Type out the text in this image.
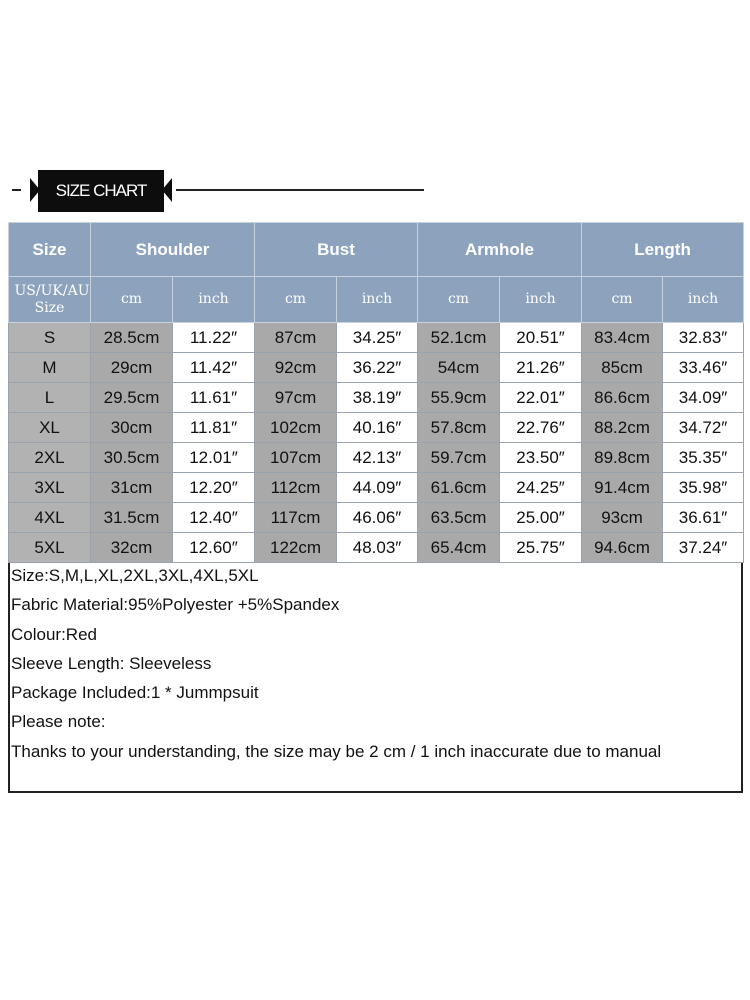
SIZE CHART
Size	Shoulder		Bust		Armhole		Length	

US/UK/AU Size	cm	inch	cm	inch	cm	inch	cm	inch
S	28.5cm	11.22″	87cm	34.25″	52.1cm	20.51″	83.4cm	32.83″
M	29cm	11.42″	92cm	36.22″	54cm	21.26″	85cm	33.46″
L	29.5cm	11.61″	97cm	38.19″	55.9cm	22.01″	86.6cm	34.09″
XL	30cm	11.81″	102cm	40.16″	57.8cm	22.76″	88.2cm	34.72″
2XL	30.5cm	12.01″	107cm	42.13″	59.7cm	23.50″	89.8cm	35.35″
3XL	31cm	12.20″	112cm	44.09″	61.6cm	24.25″	91.4cm	35.98″
4XL	31.5cm	12.40″	117cm	46.06″	63.5cm	25.00″	93cm	36.61″
5XL	32cm	12.60″	122cm	48.03″	65.4cm	25.75″	94.6cm	37.24″
Size:S,M,L,XL,2XL,3XL,4XL,5XL
Fabric Material:95%Polyester +5%Spandex
Colour:Red
Sleeve Length: Sleeveless
Package Included:1 * Jummpsuit
Please note:
Thanks to your understanding, the size may be 2 cm / 1 inch inaccurate due to manual
